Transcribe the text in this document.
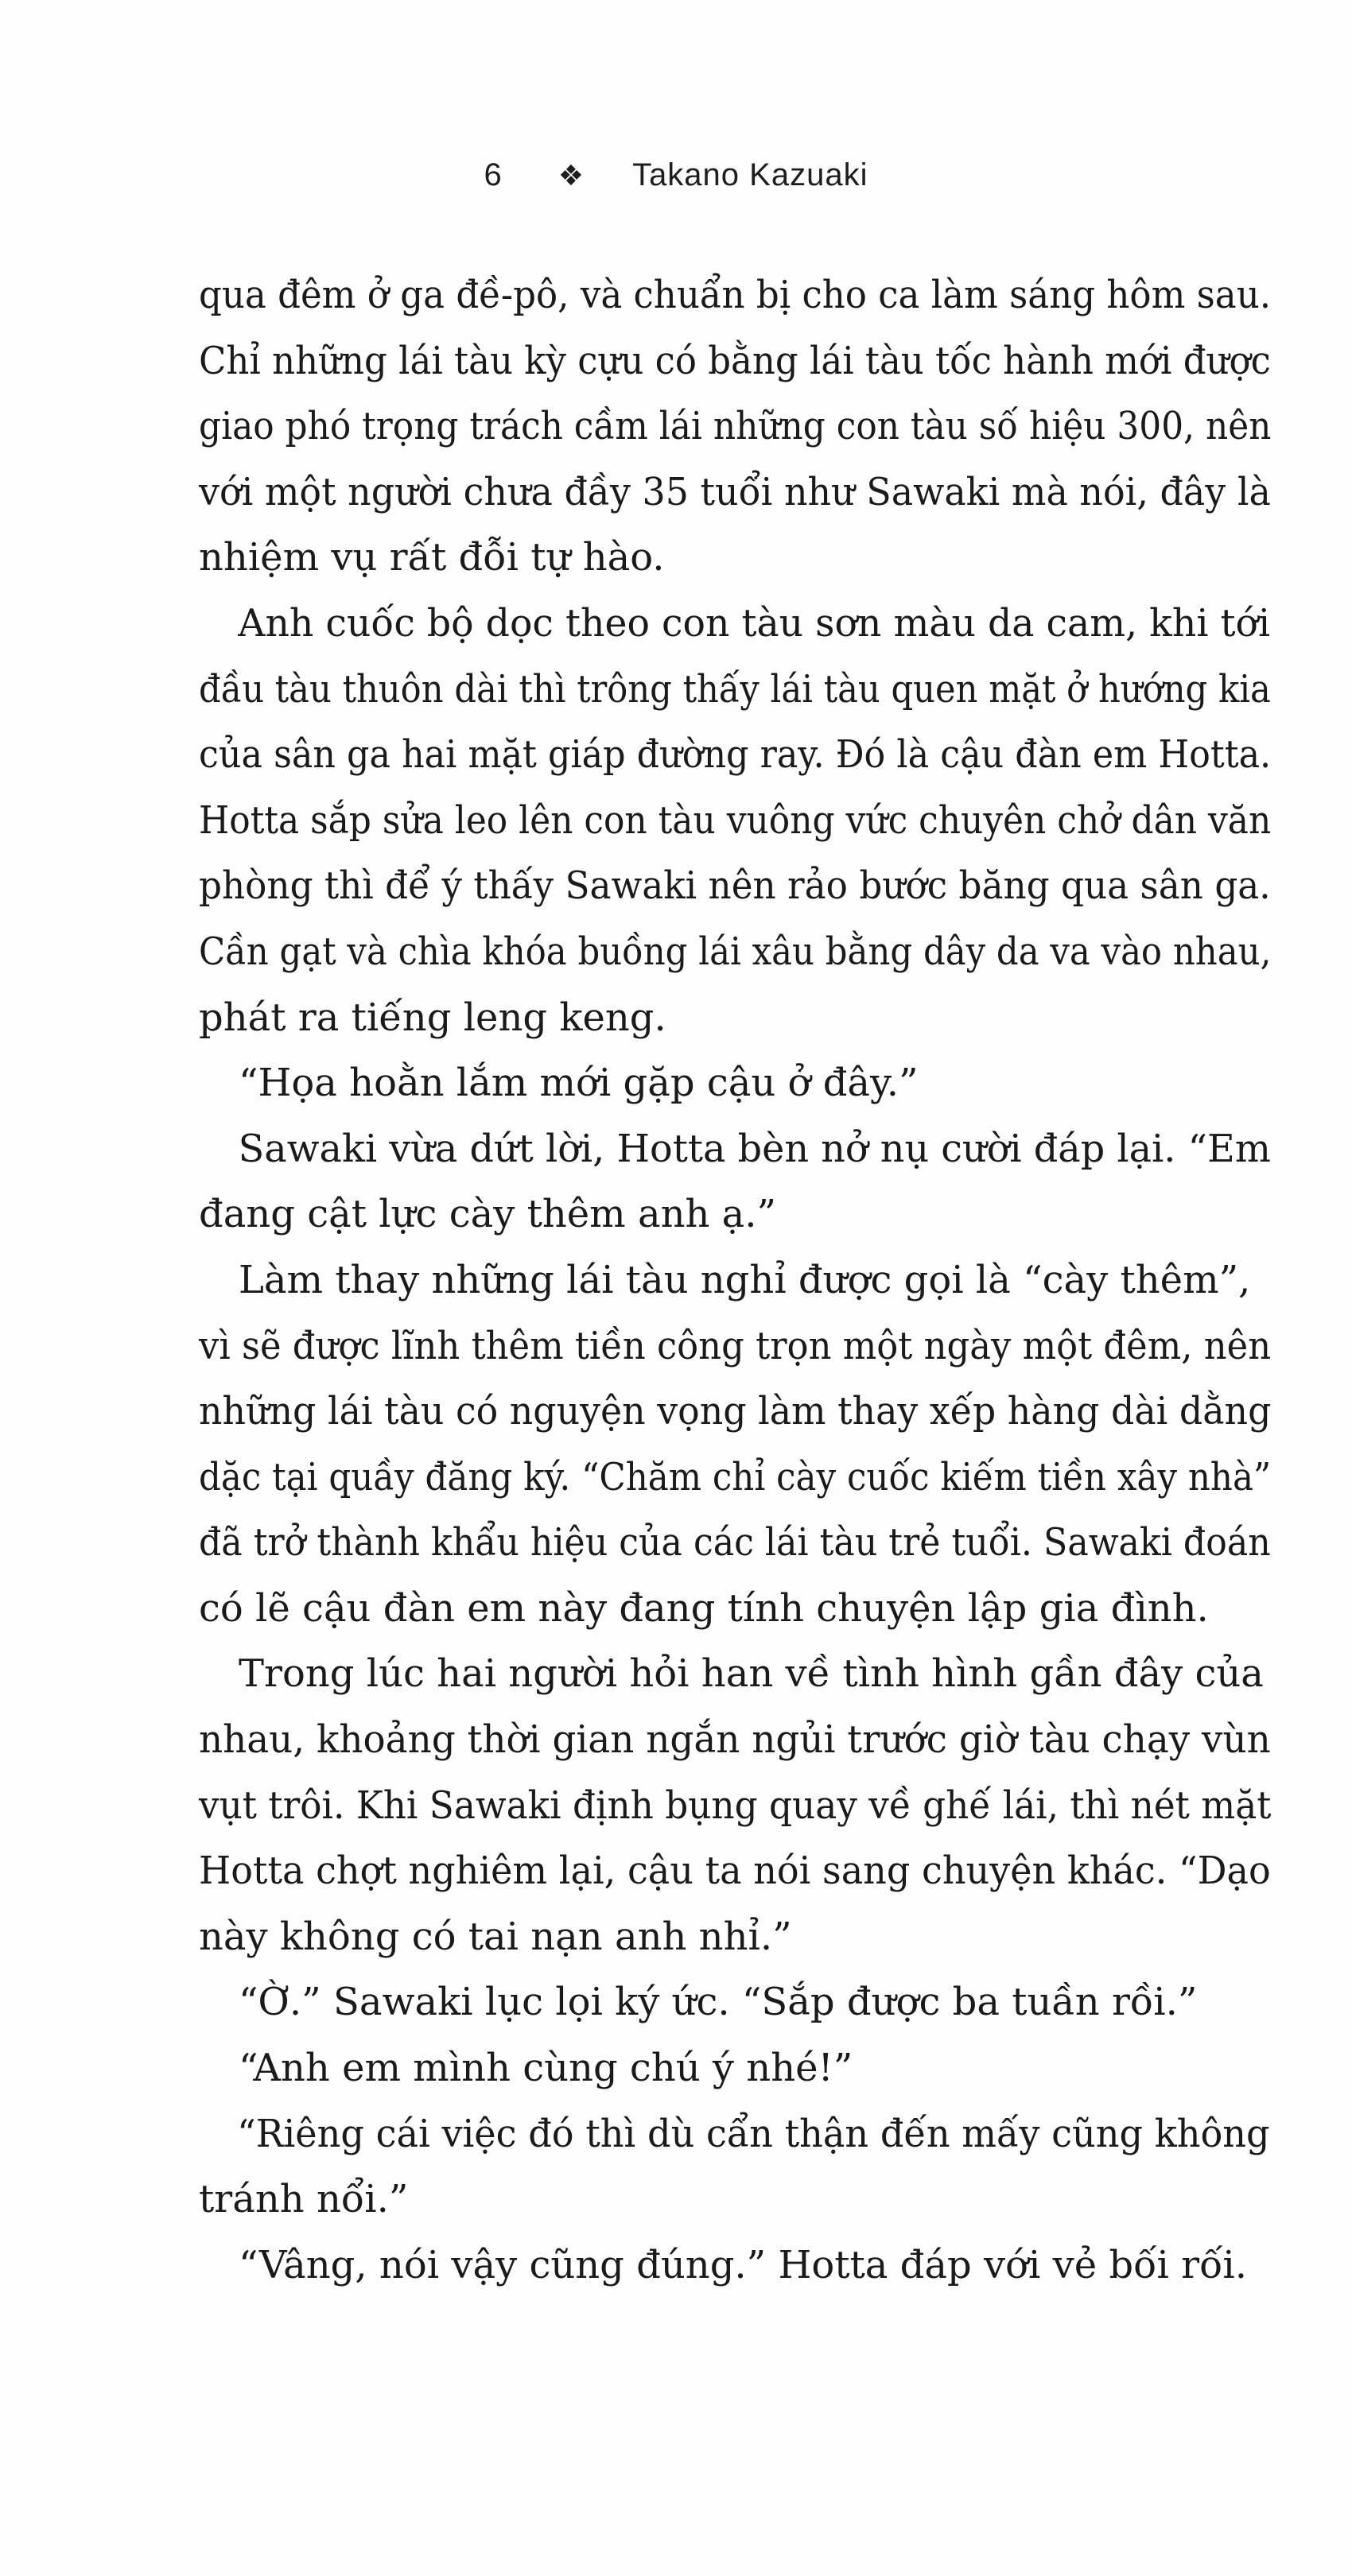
6 ❖ Takano Kazuaki
qua đêm ở ga đề-pô, và chuẩn bị cho ca làm sáng hôm sau.
Chỉ những lái tàu kỳ cựu có bằng lái tàu tốc hành mới được
giao phó trọng trách cầm lái những con tàu số hiệu 300, nên
với một người chưa đầy 35 tuổi như Sawaki mà nói, đây là
nhiệm vụ rất đỗi tự hào.
Anh cuốc bộ dọc theo con tàu sơn màu da cam, khi tới
đầu tàu thuôn dài thì trông thấy lái tàu quen mặt ở hướng kia
của sân ga hai mặt giáp đường ray. Đó là cậu đàn em Hotta.
Hotta sắp sửa leo lên con tàu vuông vức chuyên chở dân văn
phòng thì để ý thấy Sawaki nên rảo bước băng qua sân ga.
Cần gạt và chìa khóa buồng lái xâu bằng dây da va vào nhau,
phát ra tiếng leng keng.
“Họa hoằn lắm mới gặp cậu ở đây.”
Sawaki vừa dứt lời, Hotta bèn nở nụ cười đáp lại. “Em
đang cật lực cày thêm anh ạ.”
Làm thay những lái tàu nghỉ được gọi là “cày thêm”,
vì sẽ được lĩnh thêm tiền công trọn một ngày một đêm, nên
những lái tàu có nguyện vọng làm thay xếp hàng dài dằng
dặc tại quầy đăng ký. “Chăm chỉ cày cuốc kiếm tiền xây nhà”
đã trở thành khẩu hiệu của các lái tàu trẻ tuổi. Sawaki đoán
có lẽ cậu đàn em này đang tính chuyện lập gia đình.
Trong lúc hai người hỏi han về tình hình gần đây của
nhau, khoảng thời gian ngắn ngủi trước giờ tàu chạy vùn
vụt trôi. Khi Sawaki định bụng quay về ghế lái, thì nét mặt
Hotta chợt nghiêm lại, cậu ta nói sang chuyện khác. “Dạo
này không có tai nạn anh nhỉ.”
“Ờ.” Sawaki lục lọi ký ức. “Sắp được ba tuần rồi.”
“Anh em mình cùng chú ý nhé!”
“Riêng cái việc đó thì dù cẩn thận đến mấy cũng không
tránh nổi.”
“Vâng, nói vậy cũng đúng.” Hotta đáp với vẻ bối rối.
